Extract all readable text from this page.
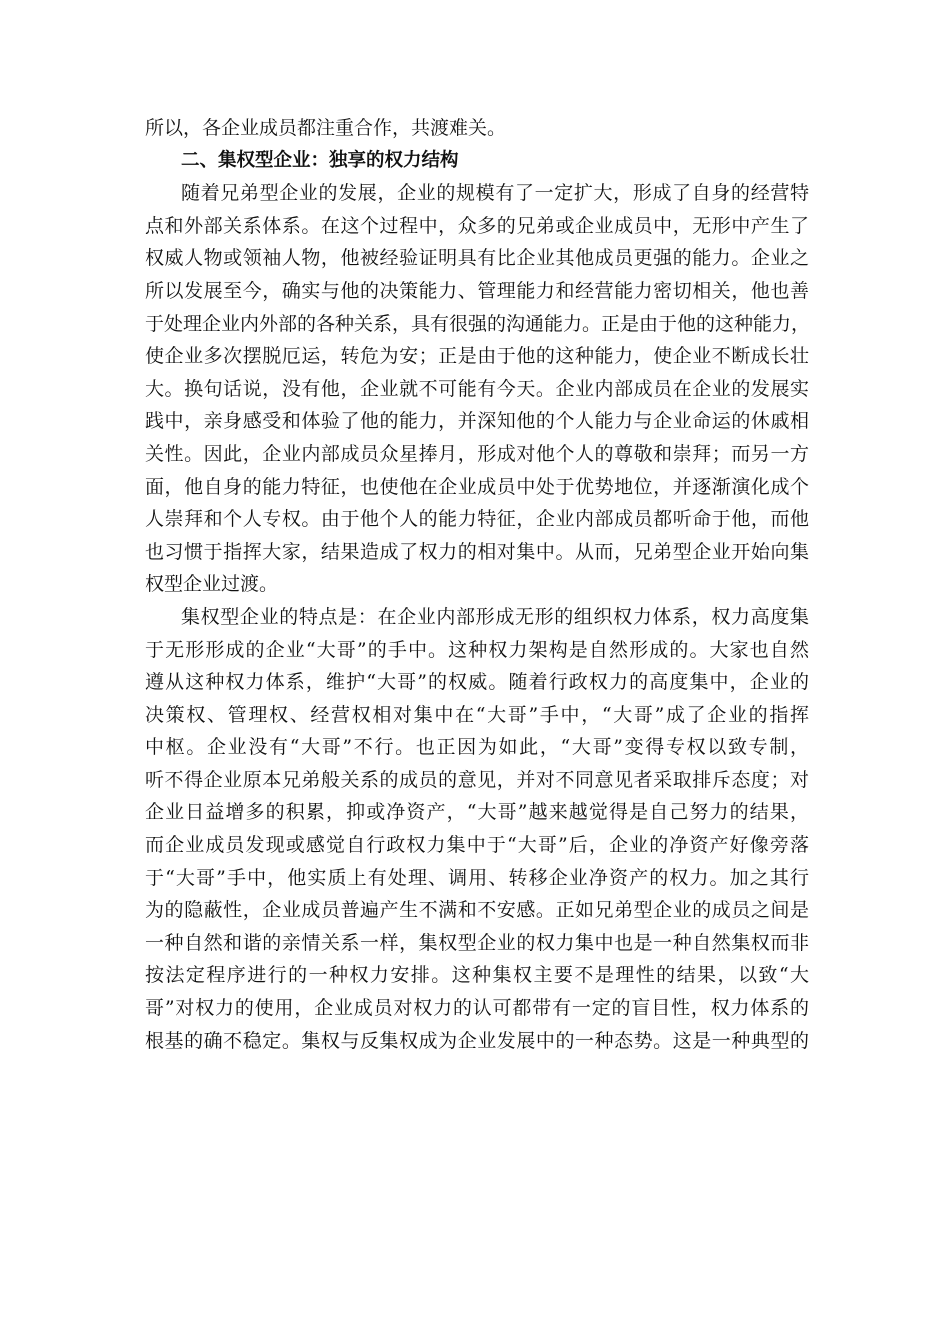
所以，各企业成员都注重合作，共渡难关。
二、集权型企业：独享的权力结构
随着兄弟型企业的发展，企业的规模有了一定扩大，形成了自身的经营特
点和外部关系体系。在这个过程中，众多的兄弟或企业成员中，无形中产生了
权威人物或领袖人物，他被经验证明具有比企业其他成员更强的能力。企业之
所以发展至今，确实与他的决策能力、管理能力和经营能力密切相关，他也善
于处理企业内外部的各种关系，具有很强的沟通能力。正是由于他的这种能力，
使企业多次摆脱厄运，转危为安；正是由于他的这种能力，使企业不断成长壮
大。换句话说，没有他，企业就不可能有今天。企业内部成员在企业的发展实
践中，亲身感受和体验了他的能力，并深知他的个人能力与企业命运的休戚相
关性。因此，企业内部成员众星捧月，形成对他个人的尊敬和崇拜；而另一方
面，他自身的能力特征，也使他在企业成员中处于优势地位，并逐渐演化成个
人崇拜和个人专权。由于他个人的能力特征，企业内部成员都听命于他，而他
也习惯于指挥大家，结果造成了权力的相对集中。从而，兄弟型企业开始向集
权型企业过渡。
集权型企业的特点是：在企业内部形成无形的组织权力体系，权力高度集
于无形形成的企业“大哥”的手中。这种权力架构是自然形成的。大家也自然
遵从这种权力体系，维护“大哥”的权威。随着行政权力的高度集中，企业的
决策权、管理权、经营权相对集中在“大哥”手中，“大哥”成了企业的指挥
中枢。企业没有“大哥”不行。也正因为如此，“大哥”变得专权以致专制，
听不得企业原本兄弟般关系的成员的意见，并对不同意见者采取排斥态度；对
企业日益增多的积累，抑或净资产，“大哥”越来越觉得是自己努力的结果，
而企业成员发现或感觉自行政权力集中于“大哥”后，企业的净资产好像旁落
于“大哥”手中，他实质上有处理、调用、转移企业净资产的权力。加之其行
为的隐蔽性，企业成员普遍产生不满和不安感。正如兄弟型企业的成员之间是
一种自然和谐的亲情关系一样，集权型企业的权力集中也是一种自然集权而非
按法定程序进行的一种权力安排。这种集权主要不是理性的结果，以致“大
哥”对权力的使用，企业成员对权力的认可都带有一定的盲目性，权力体系的
根基的确不稳定。集权与反集权成为企业发展中的一种态势。这是一种典型的
